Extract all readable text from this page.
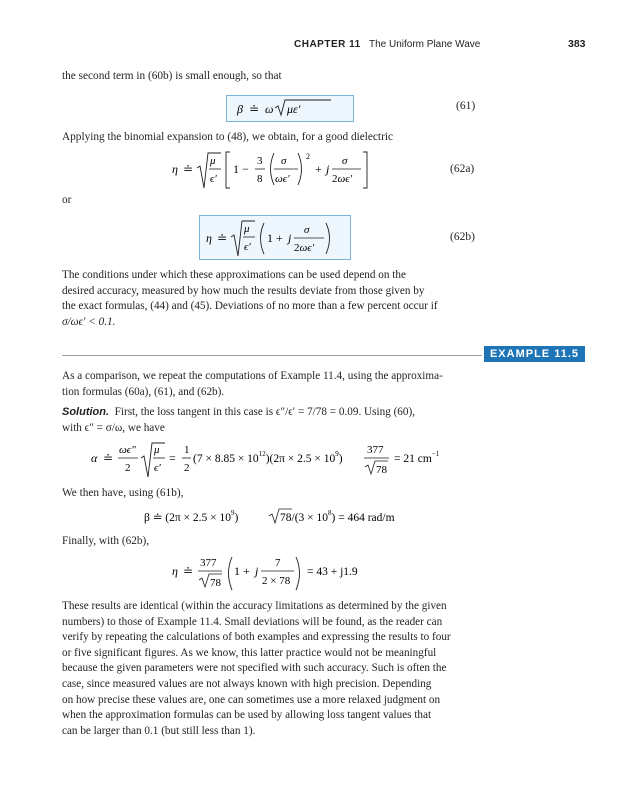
CHAPTER 11 The Uniform Plane Wave	383
the second term in (60b) is small enough, so that
β ≐ ω με′	(61)
Applying the binomial expansion to (48), we obtain, for a good dielectric
η ≐
μ
ϵ′
1 −
3
8
σ
ωϵ′
2
+ j
σ
2ωϵ′
(62a)
or
η ≐
μ
ϵ′
1 + j
σ
2ωϵ′
(62b)
The conditions under which these approximations can be used depend on the
desired accuracy, measured by how much the results deviate from those given by
the exact formulas, (44) and (45). Deviations of no more than a few percent occur if
σ/ωϵ′ < 0.1.
EXAMPLE 11.5
As a comparison, we repeat the computations of Example 11.4, using the approxima-
tion formulas (60a), (61), and (62b).
Solution. First, the loss tangent in this case is ϵ″/ϵ′ = 7/78 = 0.09. Using (60),
with ϵ″ = σ/ω, we have
α ≐
ωϵ″
2
μ
ϵ′
=
1
2
$(7 \times 8.85 \times 10^{12})(2\pi \times 2.5 \times 10^9)$
377
78
= 21 $cm^{-1}$
We then have, using (61b),
β ≐ $(2\pi \times 2.5 \times 10^9)$	$78/(3 \times 10^8) = 464$ rad/m
Finally, with (62b),
η ≐
377
78
1 + j
7
2 × 78
= 43 + j1.9
These results are identical (within the accuracy limitations as determined by the given
numbers) to those of Example 11.4. Small deviations will be found, as the reader can
verify by repeating the calculations of both examples and expressing the results to four
or five significant figures. As we know, this latter practice would not be meaningful
because the given parameters were not specified with such accuracy. Such is often the
case, since measured values are not always known with high precision. Depending
on how precise these values are, one can sometimes use a more relaxed judgment on
when the approximation formulas can be used by allowing loss tangent values that
can be larger than 0.1 (but still less than 1).
